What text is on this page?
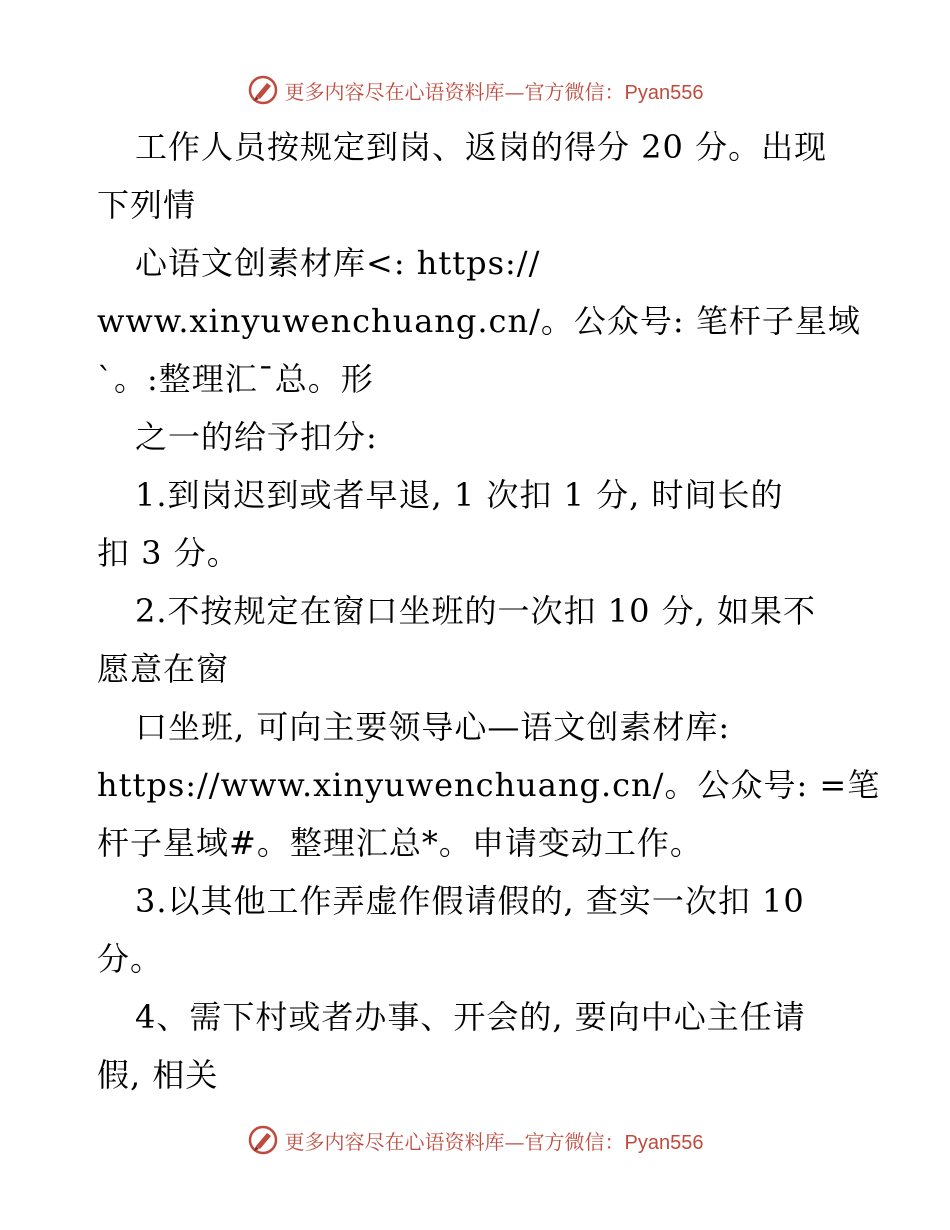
更多内容尽在心语资料库— 官方微信：Pyan556
工作人员按规定到岗、返岗的得分 20 分。出现
下列情
心语文创素材库<: https://
www.xinyuwenchuang.cn/。公众号: 笔杆子星域
`。:整理汇¯总。形
之一的给予扣分:
1.到岗迟到或者早退, 1 次扣 1 分, 时间长的
扣 3 分。
2.不按规定在窗口坐班的一次扣 10 分, 如果不
愿意在窗
口坐班, 可向主要领导心—语文创素材库:
https://www.xinyuwenchuang.cn/。公众号: =笔
杆子星域#。整理汇总*。申请变动工作。
3.以其他工作弄虚作假请假的, 查实一次扣 10
分。
4、需下村或者办事、开会的, 要向中心主任请
假, 相关
更多内容尽在心语资料库— 官方微信：Pyan556
